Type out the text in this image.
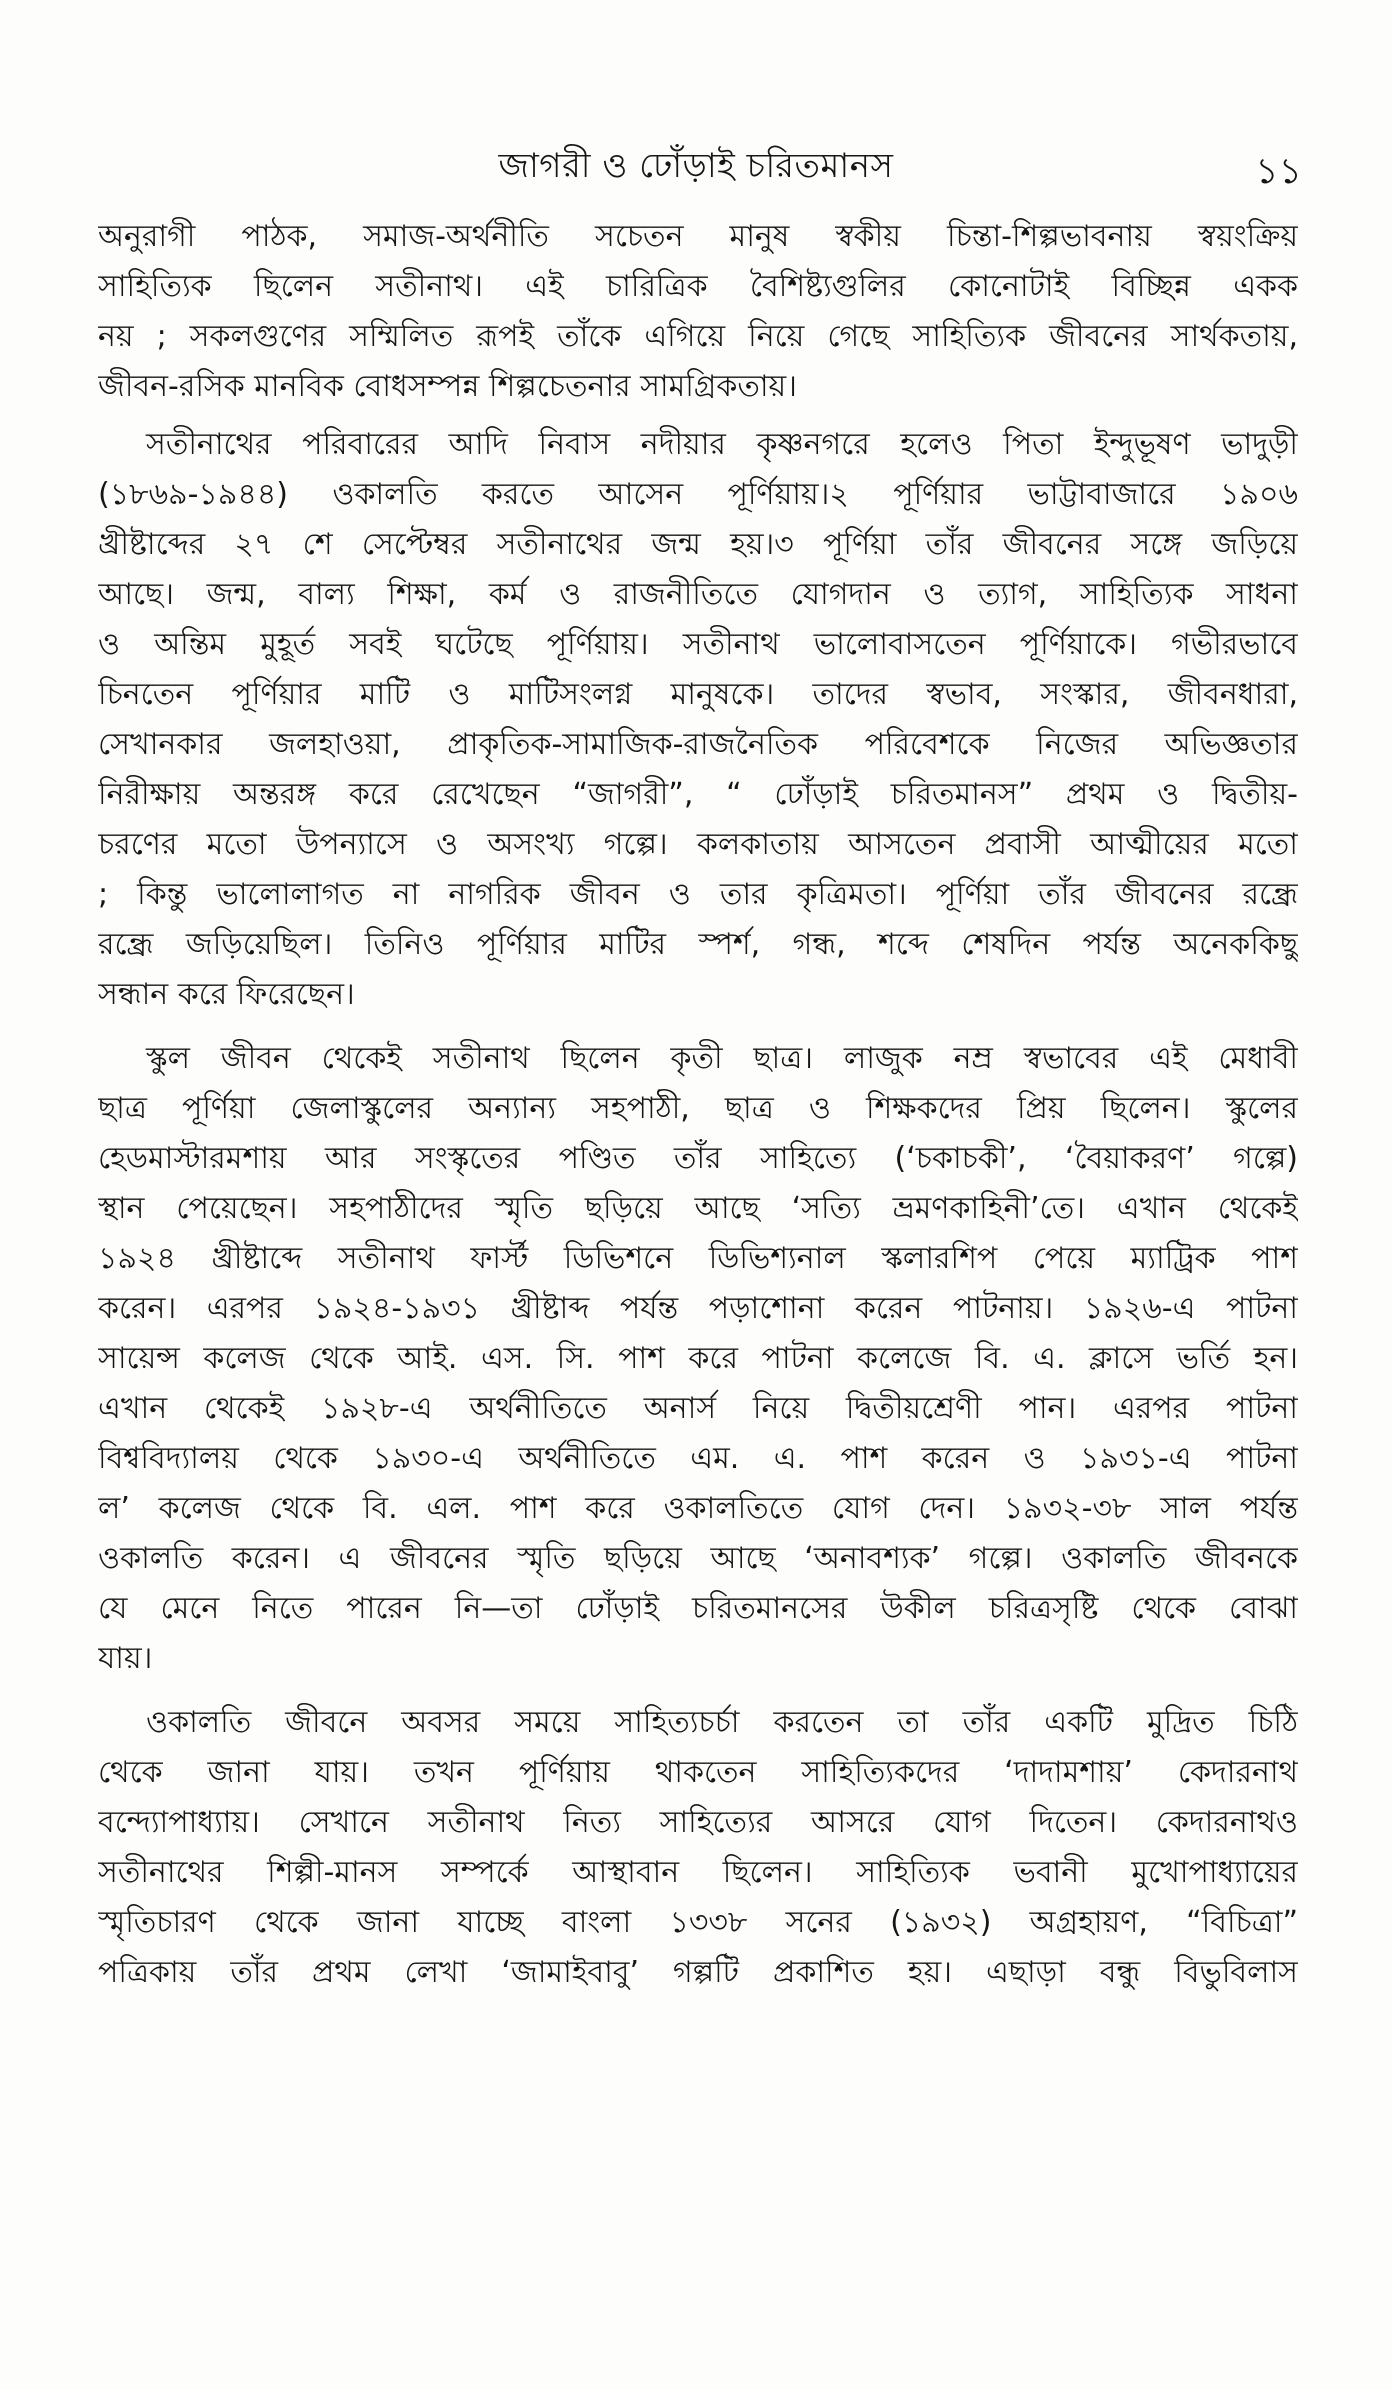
জাগরী ও ঢোঁড়াই চরিতমানস	১১
অনুরাগী পাঠক, সমাজ-অর্থনীতি সচেতন মানুষ স্বকীয় চিন্তা-শিল্পভাবনায় স্বয়ংক্রিয়
সাহিত্যিক ছিলেন সতীনাথ। এই চারিত্রিক বৈশিষ্ট্যগুলির কোনোটাই বিচ্ছিন্ন একক
নয় ; সকলগুণের সম্মিলিত রূপই তাঁকে এগিয়ে নিয়ে গেছে সাহিত্যিক জীবনের সার্থকতায়,
জীবন-রসিক মানবিক বোধসম্পন্ন শিল্পচেতনার সামগ্রিকতায়।
সতীনাথের পরিবারের আদি নিবাস নদীয়ার কৃষ্ণনগরে হলেও পিতা ইন্দুভূষণ ভাদুড়ী
(১৮৬৯-১৯৪৪) ওকালতি করতে আসেন পূর্ণিয়ায়।২ পূর্ণিয়ার ভাট্টাবাজারে ১৯০৬
খ্রীষ্টাব্দের ২৭ শে সেপ্টেম্বর সতীনাথের জন্ম হয়।৩ পূর্ণিয়া তাঁর জীবনের সঙ্গে জড়িয়ে
আছে। জন্ম, বাল্য শিক্ষা, কর্ম ও রাজনীতিতে যোগদান ও ত্যাগ, সাহিত্যিক সাধনা
ও অন্তিম মুহূর্ত সবই ঘটেছে পূর্ণিয়ায়। সতীনাথ ভালোবাসতেন পূর্ণিয়াকে। গভীরভাবে
চিনতেন পূর্ণিয়ার মাটি ও মাটিসংলগ্ন মানুষকে। তাদের স্বভাব, সংস্কার, জীবনধারা,
সেখানকার জলহাওয়া, প্রাকৃতিক-সামাজিক-রাজনৈতিক পরিবেশকে নিজের অভিজ্ঞতার
নিরীক্ষায় অন্তরঙ্গ করে রেখেছেন “জাগরী”, “ ঢোঁড়াই চরিতমানস” প্রথম ও দ্বিতীয়-
চরণের মতো উপন্যাসে ও অসংখ্য গল্পে। কলকাতায় আসতেন প্রবাসী আত্মীয়ের মতো
; কিন্তু ভালোলাগত না নাগরিক জীবন ও তার কৃত্রিমতা। পূর্ণিয়া তাঁর জীবনের রন্ধ্রে
রন্ধ্রে জড়িয়েছিল। তিনিও পূর্ণিয়ার মাটির স্পর্শ, গন্ধ, শব্দে শেষদিন পর্যন্ত অনেককিছু
সন্ধান করে ফিরেছেন।
স্কুল জীবন থেকেই সতীনাথ ছিলেন কৃতী ছাত্র। লাজুক নম্র স্বভাবের এই মেধাবী
ছাত্র পূর্ণিয়া জেলাস্কুলের অন্যান্য সহপাঠী, ছাত্র ও শিক্ষকদের প্রিয় ছিলেন। স্কুলের
হেডমাস্টারমশায় আর সংস্কৃতের পণ্ডিত তাঁর সাহিত্যে (‘চকাচকী’, ‘বৈয়াকরণ’ গল্পে)
স্থান পেয়েছেন। সহপাঠীদের স্মৃতি ছড়িয়ে আছে ‘সত্যি ভ্রমণকাহিনী’তে। এখান থেকেই
১৯২৪ খ্রীষ্টাব্দে সতীনাথ ফার্স্ট ডিভিশনে ডিভিশ্যনাল স্কলারশিপ পেয়ে ম্যাট্রিক পাশ
করেন। এরপর ১৯২৪-১৯৩১ খ্রীষ্টাব্দ পর্যন্ত পড়াশোনা করেন পাটনায়। ১৯২৬-এ পাটনা
সায়েন্স কলেজ থেকে আই. এস. সি. পাশ করে পাটনা কলেজে বি. এ. ক্লাসে ভর্তি হন।
এখান থেকেই ১৯২৮-এ অর্থনীতিতে অনার্স নিয়ে দ্বিতীয়শ্রেণী পান। এরপর পাটনা
বিশ্ববিদ্যালয় থেকে ১৯৩০-এ অর্থনীতিতে এম. এ. পাশ করেন ও ১৯৩১-এ পাটনা
ল’ কলেজ থেকে বি. এল. পাশ করে ওকালতিতে যোগ দেন। ১৯৩২-৩৮ সাল পর্যন্ত
ওকালতি করেন। এ জীবনের স্মৃতি ছড়িয়ে আছে ‘অনাবশ্যক’ গল্পে। ওকালতি জীবনকে
যে মেনে নিতে পারেন নি—তা ঢোঁড়াই চরিতমানসের উকীল চরিত্রসৃষ্টি থেকে বোঝা
যায়।
ওকালতি জীবনে অবসর সময়ে সাহিত্যচর্চা করতেন তা তাঁর একটি মুদ্রিত চিঠি
থেকে জানা যায়। তখন পূর্ণিয়ায় থাকতেন সাহিত্যিকদের ‘দাদামশায়’ কেদারনাথ
বন্দ্যোপাধ্যায়। সেখানে সতীনাথ নিত্য সাহিত্যের আসরে যোগ দিতেন। কেদারনাথও
সতীনাথের শিল্পী-মানস সম্পর্কে আস্থাবান ছিলেন। সাহিত্যিক ভবানী মুখোপাধ্যায়ের
স্মৃতিচারণ থেকে জানা যাচ্ছে বাংলা ১৩৩৮ সনের (১৯৩২) অগ্রহায়ণ, “বিচিত্রা”
পত্রিকায় তাঁর প্রথম লেখা ‘জামাইবাবু’ গল্পটি প্রকাশিত হয়। এছাড়া বন্ধু বিভুবিলাস
